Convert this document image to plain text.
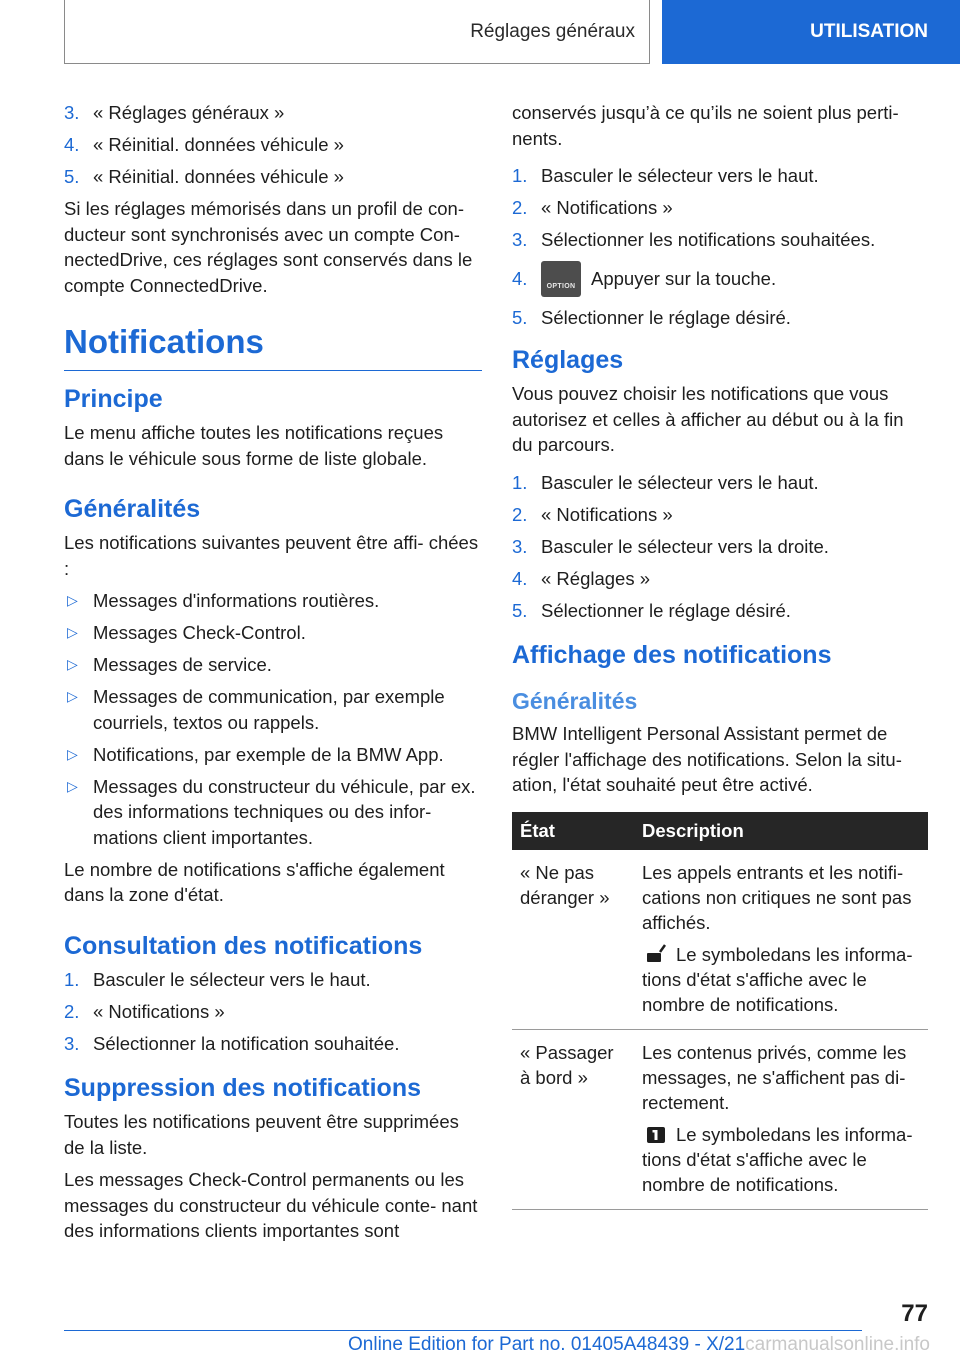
Réglages généraux	UTILISATION
3. « Réglages généraux »
4. « Réinitial. données véhicule »
5. « Réinitial. données véhicule »

Si les réglages mémorisés dans un profil de con- ducteur sont synchronisés avec un compte Con- nectedDrive, ces réglages sont conservés dans le compte ConnectedDrive.

Notifications
Principe

Le menu affiche toutes les notifications reçues dans le véhicule sous forme de liste globale.

Généralités

Les notifications suivantes peuvent être affi- chées :

▷ Messages d'informations routières.
▷ Messages Check-Control.
▷ Messages de service.
▷ Messages de communication, par exemple courriels, textos ou rappels.
▷ Notifications, par exemple de la BMW App.
▷ Messages du constructeur du véhicule, par ex. des informations techniques ou des infor- mations client importantes.

Le nombre de notifications s'affiche également dans la zone d'état.

Consultation des notifications
1. Basculer le sélecteur vers le haut.
2. « Notifications »
3. Sélectionner la notification souhaitée.
Suppression des notifications

Toutes les notifications peuvent être supprimées de la liste.

Les messages Check-Control permanents ou les messages du constructeur du véhicule conte- nant des informations clients importantes sont

conservés jusqu’à ce qu’ils ne soient plus perti- nents.

1. Basculer le sélecteur vers le haut.
2. « Notifications »
3. Sélectionner les notifications souhaitées.
4.	OPTION Appuyer sur la touche.
5. Sélectionner le réglage désiré.
Réglages

Vous pouvez choisir les notifications que vous autorisez et celles à afficher au début ou à la fin du parcours.

1. Basculer le sélecteur vers le haut.
2. « Notifications »
3. Basculer le sélecteur vers la droite.
4. « Réglages »
5. Sélectionner le réglage désiré.
Affichage des notifications
Généralités

BMW Intelligent Personal Assistant permet de régler l'affichage des notifications. Selon la situ- ation, l'état souhaité peut être activé.

État	Description
« Ne pas déranger »	Les appels entrants et les notifi- cations non critiques ne sont pas affichés.

Le symboledans les informa- tions d'état s'affiche avec le nombre de notifications.

« Passager à bord »	Les contenus privés, comme les messages, ne s'affichent pas di- rectement.

Le symboledans les informa- tions d'état s'affiche avec le nombre de notifications.

77
Online Edition for Part no. 01405A48439 - X/21carmanualsonline.info
